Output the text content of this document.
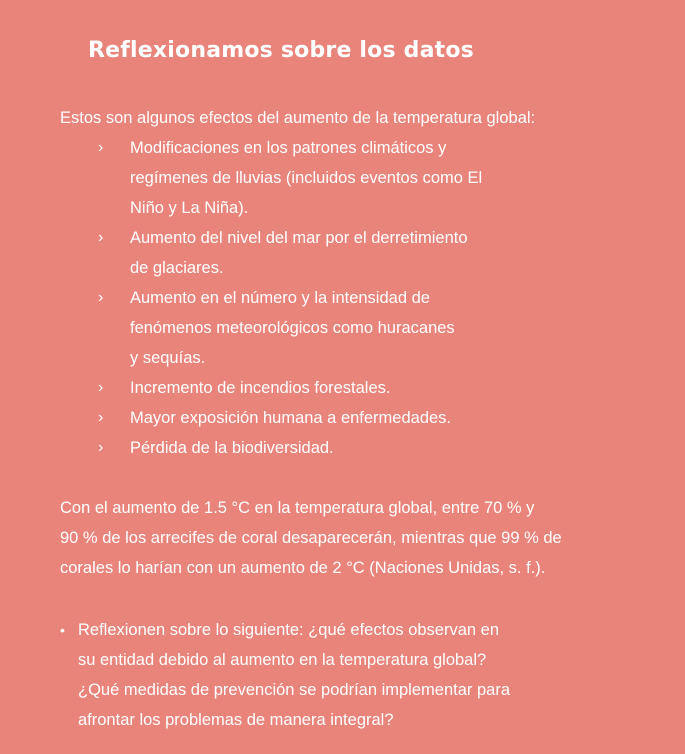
Reflexionamos sobre los datos

Estos son algunos efectos del aumento de la temperatura global:

› Modificaciones en los patrones climáticos y
regímenes de lluvias (incluidos eventos como El
Niño y La Niña).
› Aumento del nivel del mar por el derretimiento
de glaciares.
› Aumento en el número y la intensidad de
fenómenos meteorológicos como huracanes
y sequías.
› Incremento de incendios forestales.
› Mayor exposición humana a enfermedades.
› Pérdida de la biodiversidad.

Con el aumento de 1.5 °C en la temperatura global, entre 70 % y
90 % de los arrecifes de coral desaparecerán, mientras que 99 % de
corales lo harían con un aumento de 2 °C (Naciones Unidas, s. f.).

• Reflexionen sobre lo siguiente: ¿qué efectos observan en
su entidad debido al aumento en la temperatura global?
¿Qué medidas de prevención se podrían implementar para
afrontar los problemas de manera integral?
